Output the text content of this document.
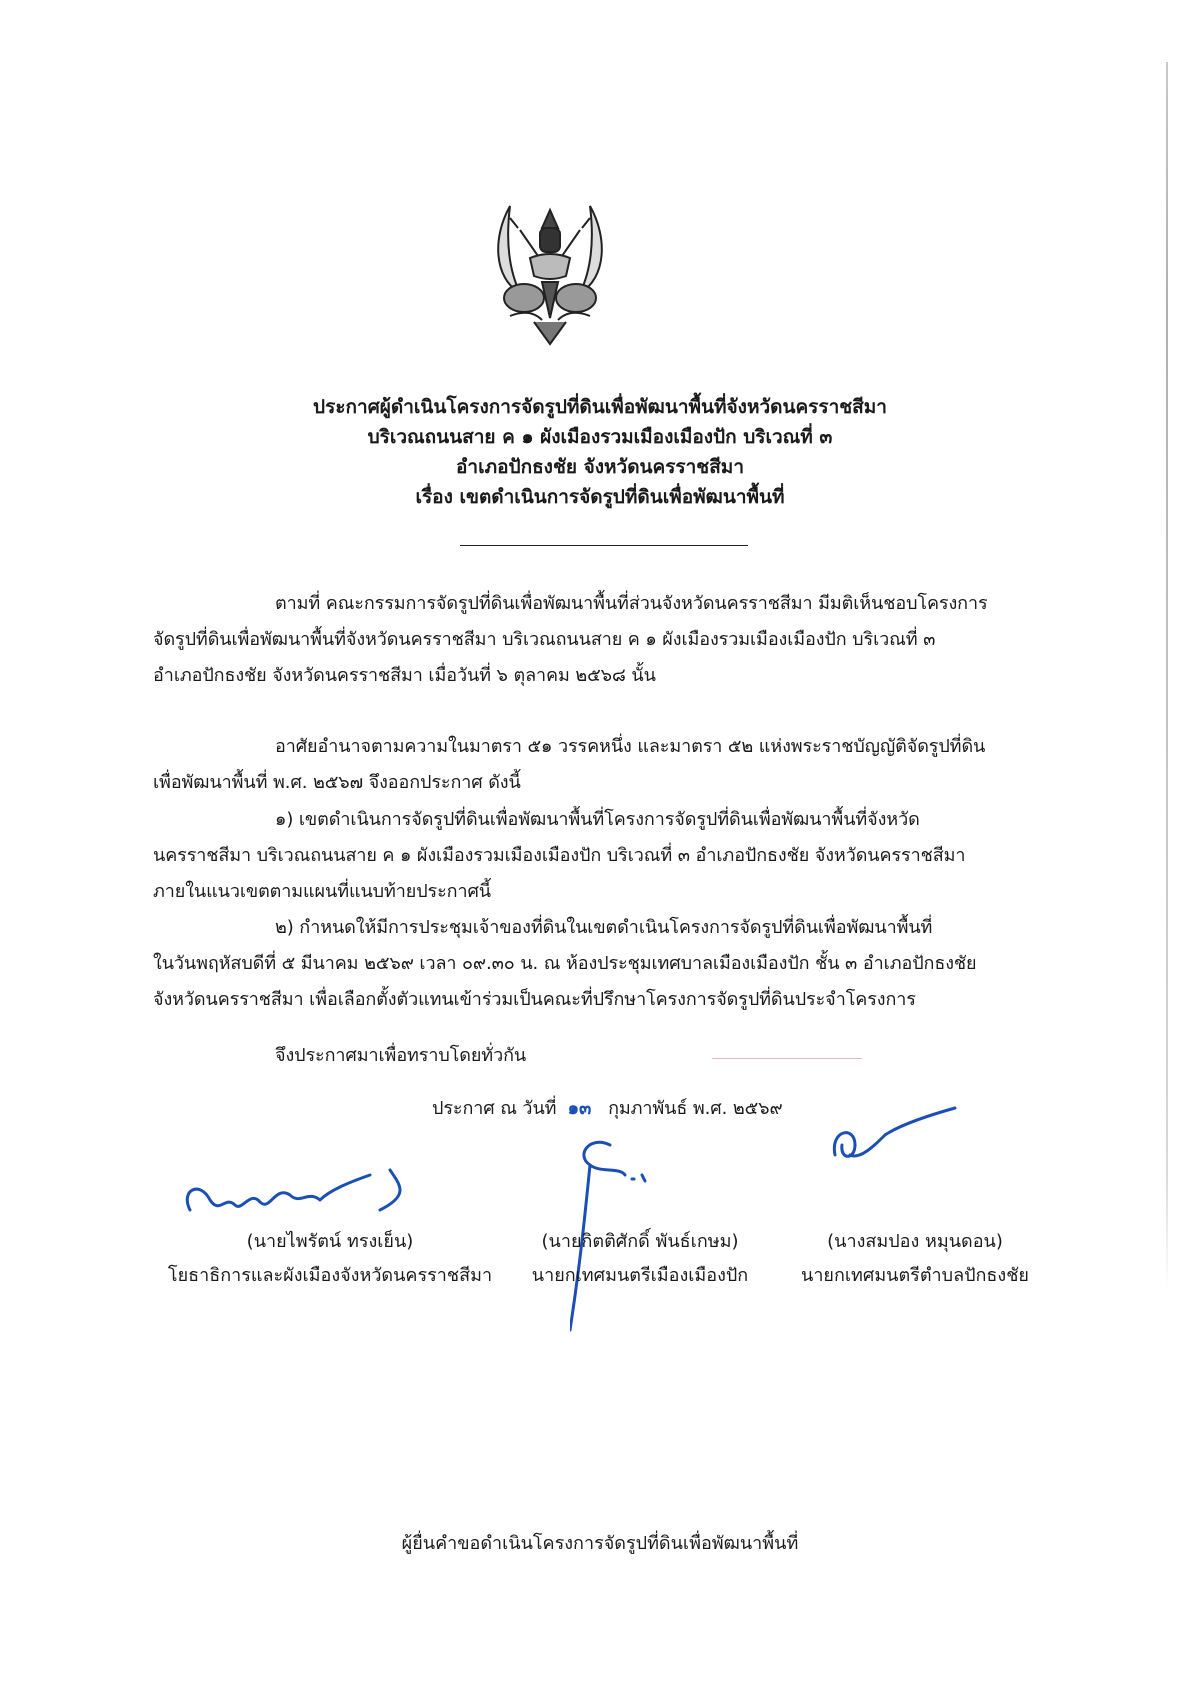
ประกาศผู้ดำเนินโครงการจัดรูปที่ดินเพื่อพัฒนาพื้นที่จังหวัดนครราชสีมา
บริเวณถนนสาย ค ๑ ผังเมืองรวมเมืองเมืองปัก บริเวณที่ ๓
อำเภอปักธงชัย จังหวัดนครราชสีมา
เรื่อง เขตดำเนินการจัดรูปที่ดินเพื่อพัฒนาพื้นที่
ตามที่ คณะกรรมการจัดรูปที่ดินเพื่อพัฒนาพื้นที่ส่วนจังหวัดนครราชสีมา มีมติเห็นชอบโครงการ
จัดรูปที่ดินเพื่อพัฒนาพื้นที่จังหวัดนครราชสีมา บริเวณถนนสาย ค ๑ ผังเมืองรวมเมืองเมืองปัก บริเวณที่ ๓
อำเภอปักธงชัย จังหวัดนครราชสีมา เมื่อวันที่ ๖ ตุลาคม ๒๕๖๘ นั้น
อาศัยอำนาจตามความในมาตรา ๕๑ วรรคหนึ่ง และมาตรา ๕๒ แห่งพระราชบัญญัติจัดรูปที่ดิน
เพื่อพัฒนาพื้นที่ พ.ศ. ๒๕๖๗ จึงออกประกาศ ดังนี้
๑) เขตดำเนินการจัดรูปที่ดินเพื่อพัฒนาพื้นที่โครงการจัดรูปที่ดินเพื่อพัฒนาพื้นที่จังหวัด
นครราชสีมา บริเวณถนนสาย ค ๑ ผังเมืองรวมเมืองเมืองปัก บริเวณที่ ๓ อำเภอปักธงชัย จังหวัดนครราชสีมา
ภายในแนวเขตตามแผนที่แนบท้ายประกาศนี้
๒) กำหนดให้มีการประชุมเจ้าของที่ดินในเขตดำเนินโครงการจัดรูปที่ดินเพื่อพัฒนาพื้นที่
ในวันพฤหัสบดีที่ ๕ มีนาคม ๒๕๖๙ เวลา ๐๙.๓๐ น. ณ ห้องประชุมเทศบาลเมืองเมืองปัก ชั้น ๓ อำเภอปักธงชัย
จังหวัดนครราชสีมา เพื่อเลือกตั้งตัวแทนเข้าร่วมเป็นคณะที่ปรึกษาโครงการจัดรูปที่ดินประจำโครงการ
จึงประกาศมาเพื่อทราบโดยทั่วกัน
ประกาศ ณ วันที่ ๑๓ กุมภาพันธ์ พ.ศ. ๒๕๖๙
(นายไพรัตน์ ทรงเย็น)
โยธาธิการและผังเมืองจังหวัดนครราชสีมา
(นายกิตติศักดิ์ พันธ์เกษม)
นายกเทศมนตรีเมืองเมืองปัก
(นางสมปอง หมุนดอน)
นายกเทศมนตรีตำบลปักธงชัย
ผู้ยื่นคำขอดำเนินโครงการจัดรูปที่ดินเพื่อพัฒนาพื้นที่
